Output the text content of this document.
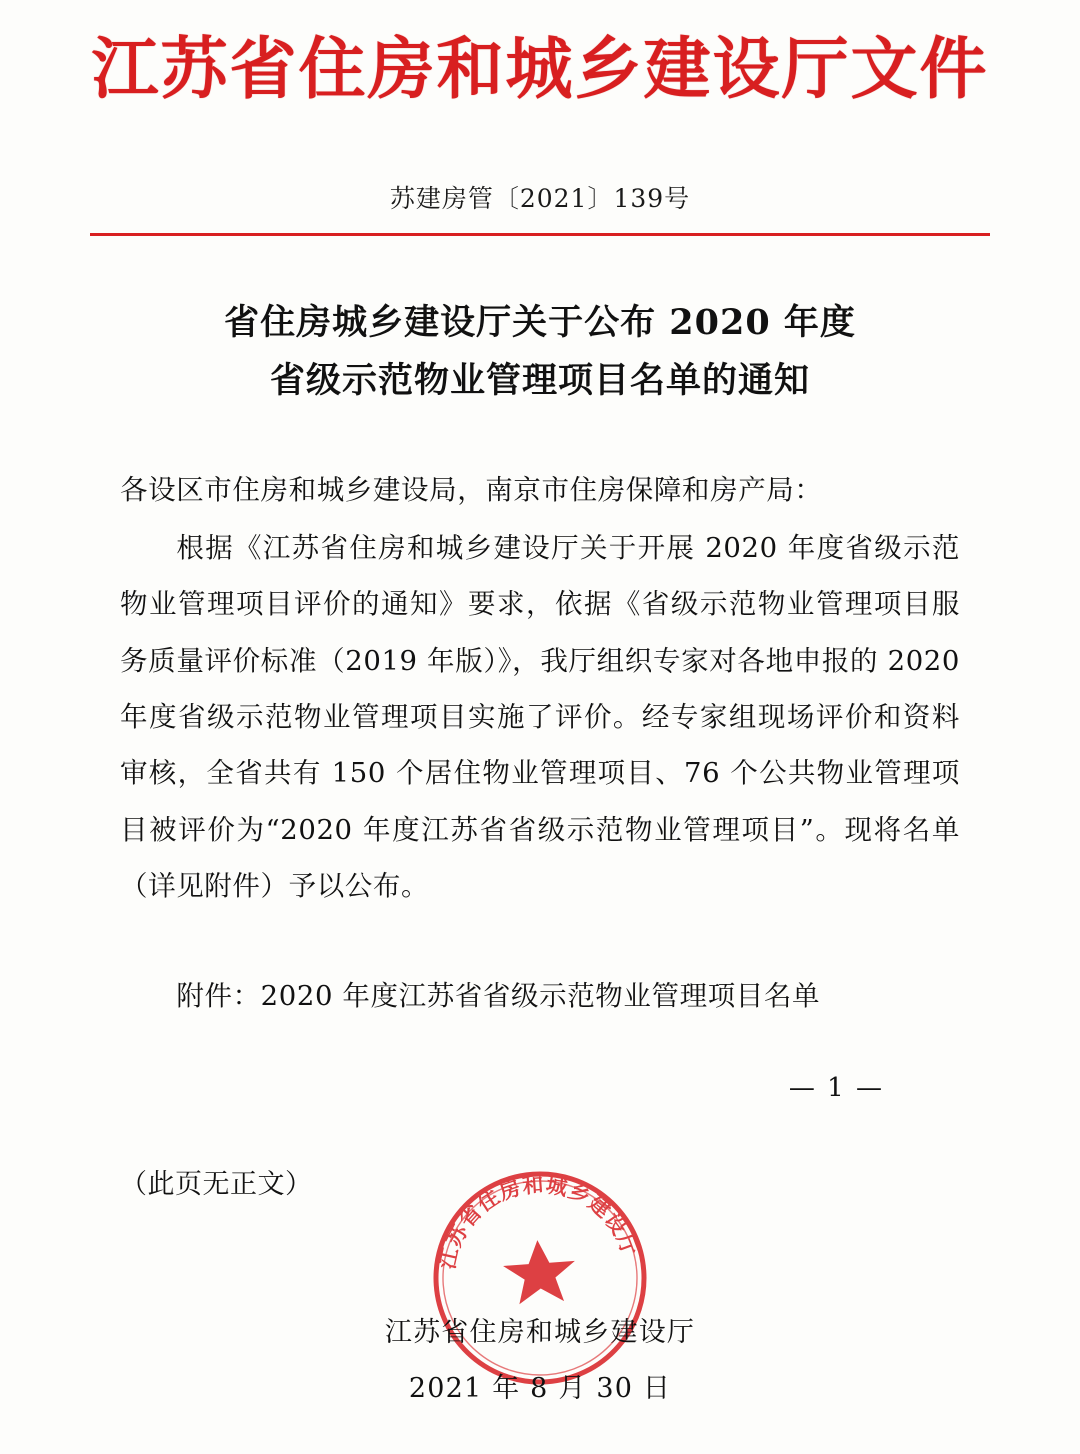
江苏省住房和城乡建设厅文件
苏建房管〔2021〕139号
省住房城乡建设厅关于公布 2020 年度
省级示范物业管理项目名单的通知
各设区市住房和城乡建设局，南京市住房保障和房产局：
根据《江苏省住房和城乡建设厅关于开展 2020 年度省级示范物业管理项目评价的通知》要求，依据《省级示范物业管理项目服务质量评价标准（2019 年版）》，我厅组织专家对各地申报的 2020 年度省级示范物业管理项目实施了评价。经专家组现场评价和资料审核，全省共有 150 个居住物业管理项目、76 个公共物业管理项目被评价为“2020 年度江苏省省级示范物业管理项目”。现将名单（详见附件）予以公布。
附件：2020 年度江苏省省级示范物业管理项目名单
— 1 —
（此页无正文）
江苏省住房和城乡建设厅
江苏省住房和城乡建设厅
2021 年 8 月 30 日
